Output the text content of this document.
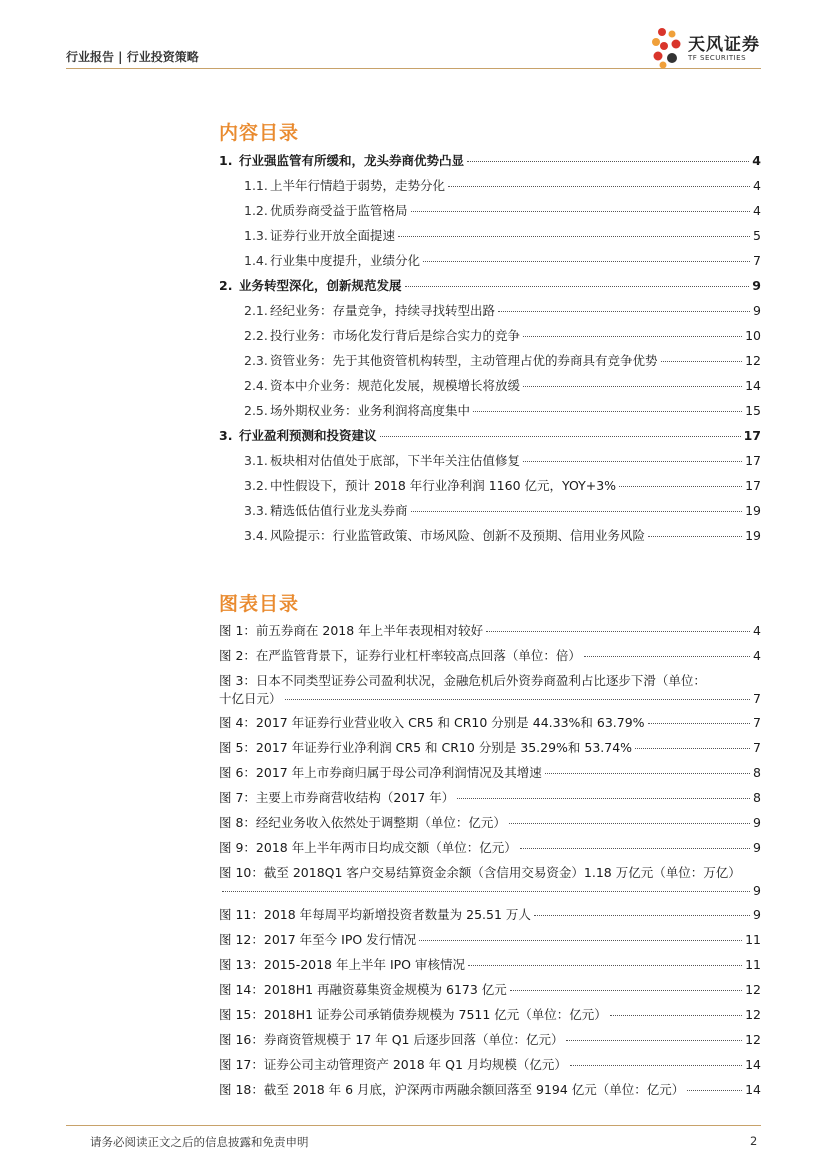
行业报告 | 行业投资策略
天风证券
TF SECURITIES
内容目录
1. 行业强监管有所缓和，龙头券商优势凸显	4
1.1. 上半年行情趋于弱势，走势分化	4
1.2. 优质券商受益于监管格局	4
1.3. 证券行业开放全面提速	5
1.4. 行业集中度提升，业绩分化	7
2. 业务转型深化，创新规范发展	9
2.1. 经纪业务：存量竞争，持续寻找转型出路	9
2.2. 投行业务：市场化发行背后是综合实力的竞争	10
2.3. 资管业务：先于其他资管机构转型，主动管理占优的券商具有竞争优势	12
2.4. 资本中介业务：规范化发展，规模增长将放缓	14
2.5. 场外期权业务：业务利润将高度集中	15
3. 行业盈利预测和投资建议	17
3.1. 板块相对估值处于底部，下半年关注估值修复	17
3.2. 中性假设下，预计 2018 年行业净利润 1160 亿元，YOY+3%	17
3.3. 精选低估值行业龙头券商	19
3.4. 风险提示：行业监管政策、市场风险、创新不及预期、信用业务风险	19
图表目录
图 1：前五券商在 2018 年上半年表现相对较好	4
图 2：在严监管背景下，证券行业杠杆率较高点回落（单位：倍）	4
图 3：日本不同类型证券公司盈利状况，金融危机后外资券商盈利占比逐步下滑（单位：
十亿日元）	7
图 4：2017 年证券行业营业收入 CR5 和 CR10 分别是 44.33%和 63.79%	7
图 5：2017 年证券行业净利润 CR5 和 CR10 分别是 35.29%和 53.74%	7
图 6：2017 年上市券商归属于母公司净利润情况及其增速	8
图 7：主要上市券商营收结构（2017 年）	8
图 8：经纪业务收入依然处于调整期（单位：亿元）	9
图 9：2018 年上半年两市日均成交额（单位：亿元）	9
图 10：截至 2018Q1 客户交易结算资金余额（含信用交易资金）1.18 万亿元（单位：万亿）
9
图 11：2018 年每周平均新增投资者数量为 25.51 万人	9
图 12：2017 年至今 IPO 发行情况	11
图 13：2015-2018 年上半年 IPO 审核情况	11
图 14：2018H1 再融资募集资金规模为 6173 亿元	12
图 15：2018H1 证券公司承销债券规模为 7511 亿元（单位：亿元）	12
图 16：券商资管规模于 17 年 Q1 后逐步回落（单位：亿元）	12
图 17：证券公司主动管理资产 2018 年 Q1 月均规模（亿元）	14
图 18：截至 2018 年 6 月底，沪深两市两融余额回落至 9194 亿元（单位：亿元）	14
请务必阅读正文之后的信息披露和免责申明	2
